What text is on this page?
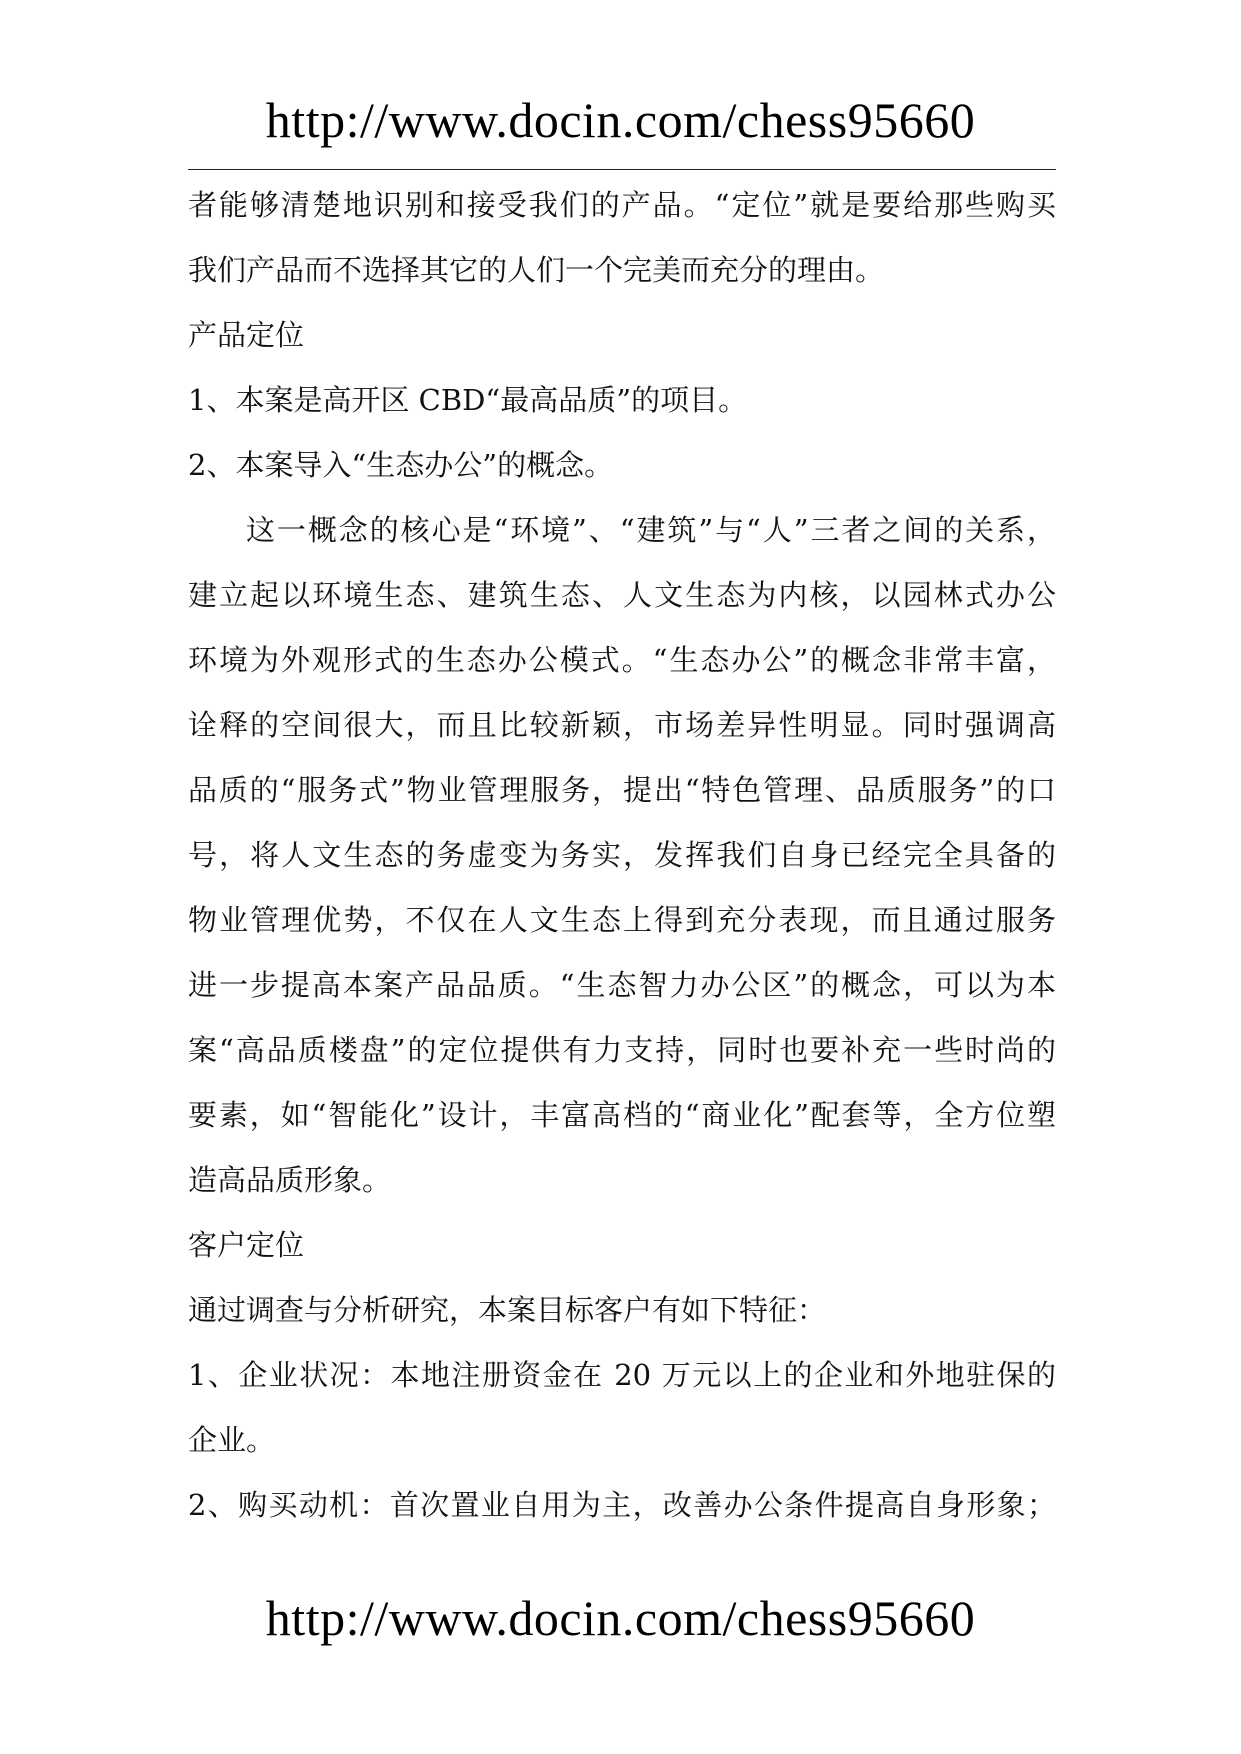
http://www.docin.com/chess95660
者能够清楚地识别和接受我们的产品。“定位”就是要给那些购买
我们产品而不选择其它的人们一个完美而充分的理由。
产品定位
1、本案是高开区 CBD“最高品质”的项目。
2、本案导入“生态办公”的概念。
这一概念的核心是“环境”、“建筑”与“人”三者之间的关系，
建立起以环境生态、建筑生态、人文生态为内核，以园林式办公
环境为外观形式的生态办公模式。“生态办公”的概念非常丰富，
诠释的空间很大，而且比较新颖，市场差异性明显。同时强调高
品质的“服务式”物业管理服务，提出“特色管理、品质服务”的口
号，将人文生态的务虚变为务实，发挥我们自身已经完全具备的
物业管理优势，不仅在人文生态上得到充分表现，而且通过服务
进一步提高本案产品品质。“生态智力办公区”的概念，可以为本
案“高品质楼盘”的定位提供有力支持，同时也要补充一些时尚的
要素，如“智能化”设计，丰富高档的“商业化”配套等，全方位塑
造高品质形象。
客户定位
通过调查与分析研究，本案目标客户有如下特征：
1、企业状况：本地注册资金在 20 万元以上的企业和外地驻保的
企业。
2、购买动机：首次置业自用为主，改善办公条件提高自身形象；
http://www.docin.com/chess95660
